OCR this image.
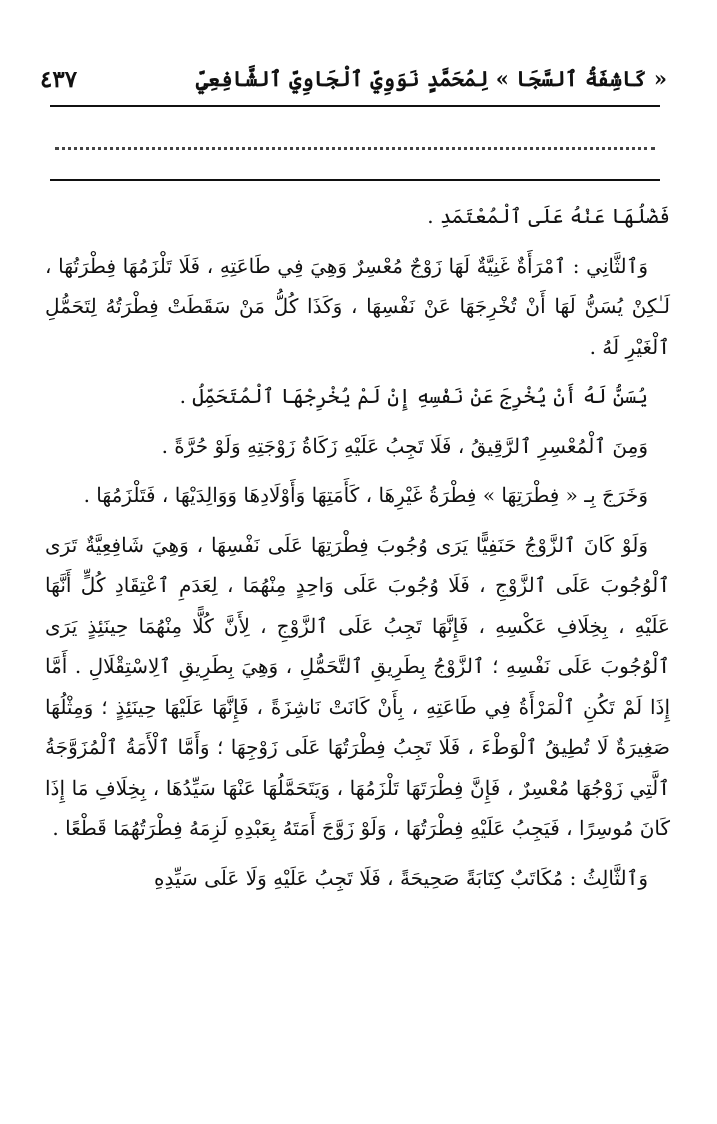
« كَاشِفَةُ ٱلسَّجَا » لِمُحَمَّدٍ نَوَوِيِّ ٱلْجَاوِيِّ ٱلشَّافِعِيِّ
٤٣٧

فَضْلُهَا عَنْهُ عَلَى ٱلْمُعْتَمَدِ .

وَٱلثَّانِي : ٱمْرَأَةٌ غَنِيَّةٌ لَهَا زَوْجٌ مُعْسِرٌ وَهِيَ فِي طَاعَتِهِ ، فَلَا تَلْزَمُهَا فِطْرَتُهَا ، لَـٰكِنْ يُسَنُّ لَهَا أَنْ تُخْرِجَهَا عَنْ نَفْسِهَا ، وَكَذَا كُلُّ مَنْ سَقَطَتْ فِطْرَتُهُ لِتَحَمُّلِ ٱلْغَيْرِ لَهُ .

يُسَنُّ لَهُ أَنْ يُخْرِجَ عَنْ نَفْسِهِ إِنْ لَمْ يُخْرِجْهَا ٱلْمُتَحَمِّلُ .

وَمِنَ ٱلْمُعْسِرِ ٱلرَّقِيقُ ، فَلَا تَجِبُ عَلَيْهِ زَكَاةُ زَوْجَتِهِ وَلَوْ حُرَّةً .

وَخَرَجَ بِـ « فِطْرَتِهَا » فِطْرَةُ غَيْرِهَا ، كَأَمَتِهَا وَأَوْلَادِهَا وَوَالِدَيْهَا ، فَتَلْزَمُهَا .

وَلَوْ كَانَ ٱلزَّوْجُ حَنَفِيًّا يَرَى وُجُوبَ فِطْرَتِهَا عَلَى نَفْسِهَا ، وَهِيَ شَافِعِيَّةٌ تَرَى ٱلْوُجُوبَ عَلَى ٱلزَّوْجِ ، فَلَا وُجُوبَ عَلَى وَاحِدٍ مِنْهُمَا ، لِعَدَمِ ٱعْتِقَادِ كُلٍّ أَنَّهَا عَلَيْهِ ، بِخِلَافِ عَكْسِهِ ، فَإِنَّهَا تَجِبُ عَلَى ٱلزَّوْجِ ، لِأَنَّ كُلًّا مِنْهُمَا حِينَئِذٍ يَرَى ٱلْوُجُوبَ عَلَى نَفْسِهِ ؛ ٱلزَّوْجُ بِطَرِيقِ ٱلتَّحَمُّلِ ، وَهِيَ بِطَرِيقِ ٱلِاسْتِقْلَالِ . أَمَّا إِذَا لَمْ تَكُنِ ٱلْمَرْأَةُ فِي طَاعَتِهِ ، بِأَنْ كَانَتْ نَاشِزَةً ، فَإِنَّهَا عَلَيْهَا حِينَئِذٍ ؛ وَمِثْلُهَا صَغِيرَةٌ لَا تُطِيقُ ٱلْوَطْءَ ، فَلَا تَجِبُ فِطْرَتُهَا عَلَى زَوْجِهَا ؛ وَأَمَّا ٱلْأَمَةُ ٱلْمُزَوَّجَةُ ٱلَّتِي زَوْجُهَا مُعْسِرٌ ، فَإِنَّ فِطْرَتَهَا تَلْزَمُهَا ، وَيَتَحَمَّلُهَا عَنْهَا سَيِّدُهَا ، بِخِلَافِ مَا إِذَا كَانَ مُوسِرًا ، فَيَجِبُ عَلَيْهِ فِطْرَتُهَا ، وَلَوْ زَوَّجَ أَمَتَهُ بِعَبْدِهِ لَزِمَهُ فِطْرَتُهُمَا قَطْعًا .

وَٱلثَّالِثُ : مُكَاتَبٌ كِتَابَةً صَحِيحَةً ، فَلَا تَجِبُ عَلَيْهِ وَلَا عَلَى سَيِّدِهِ
